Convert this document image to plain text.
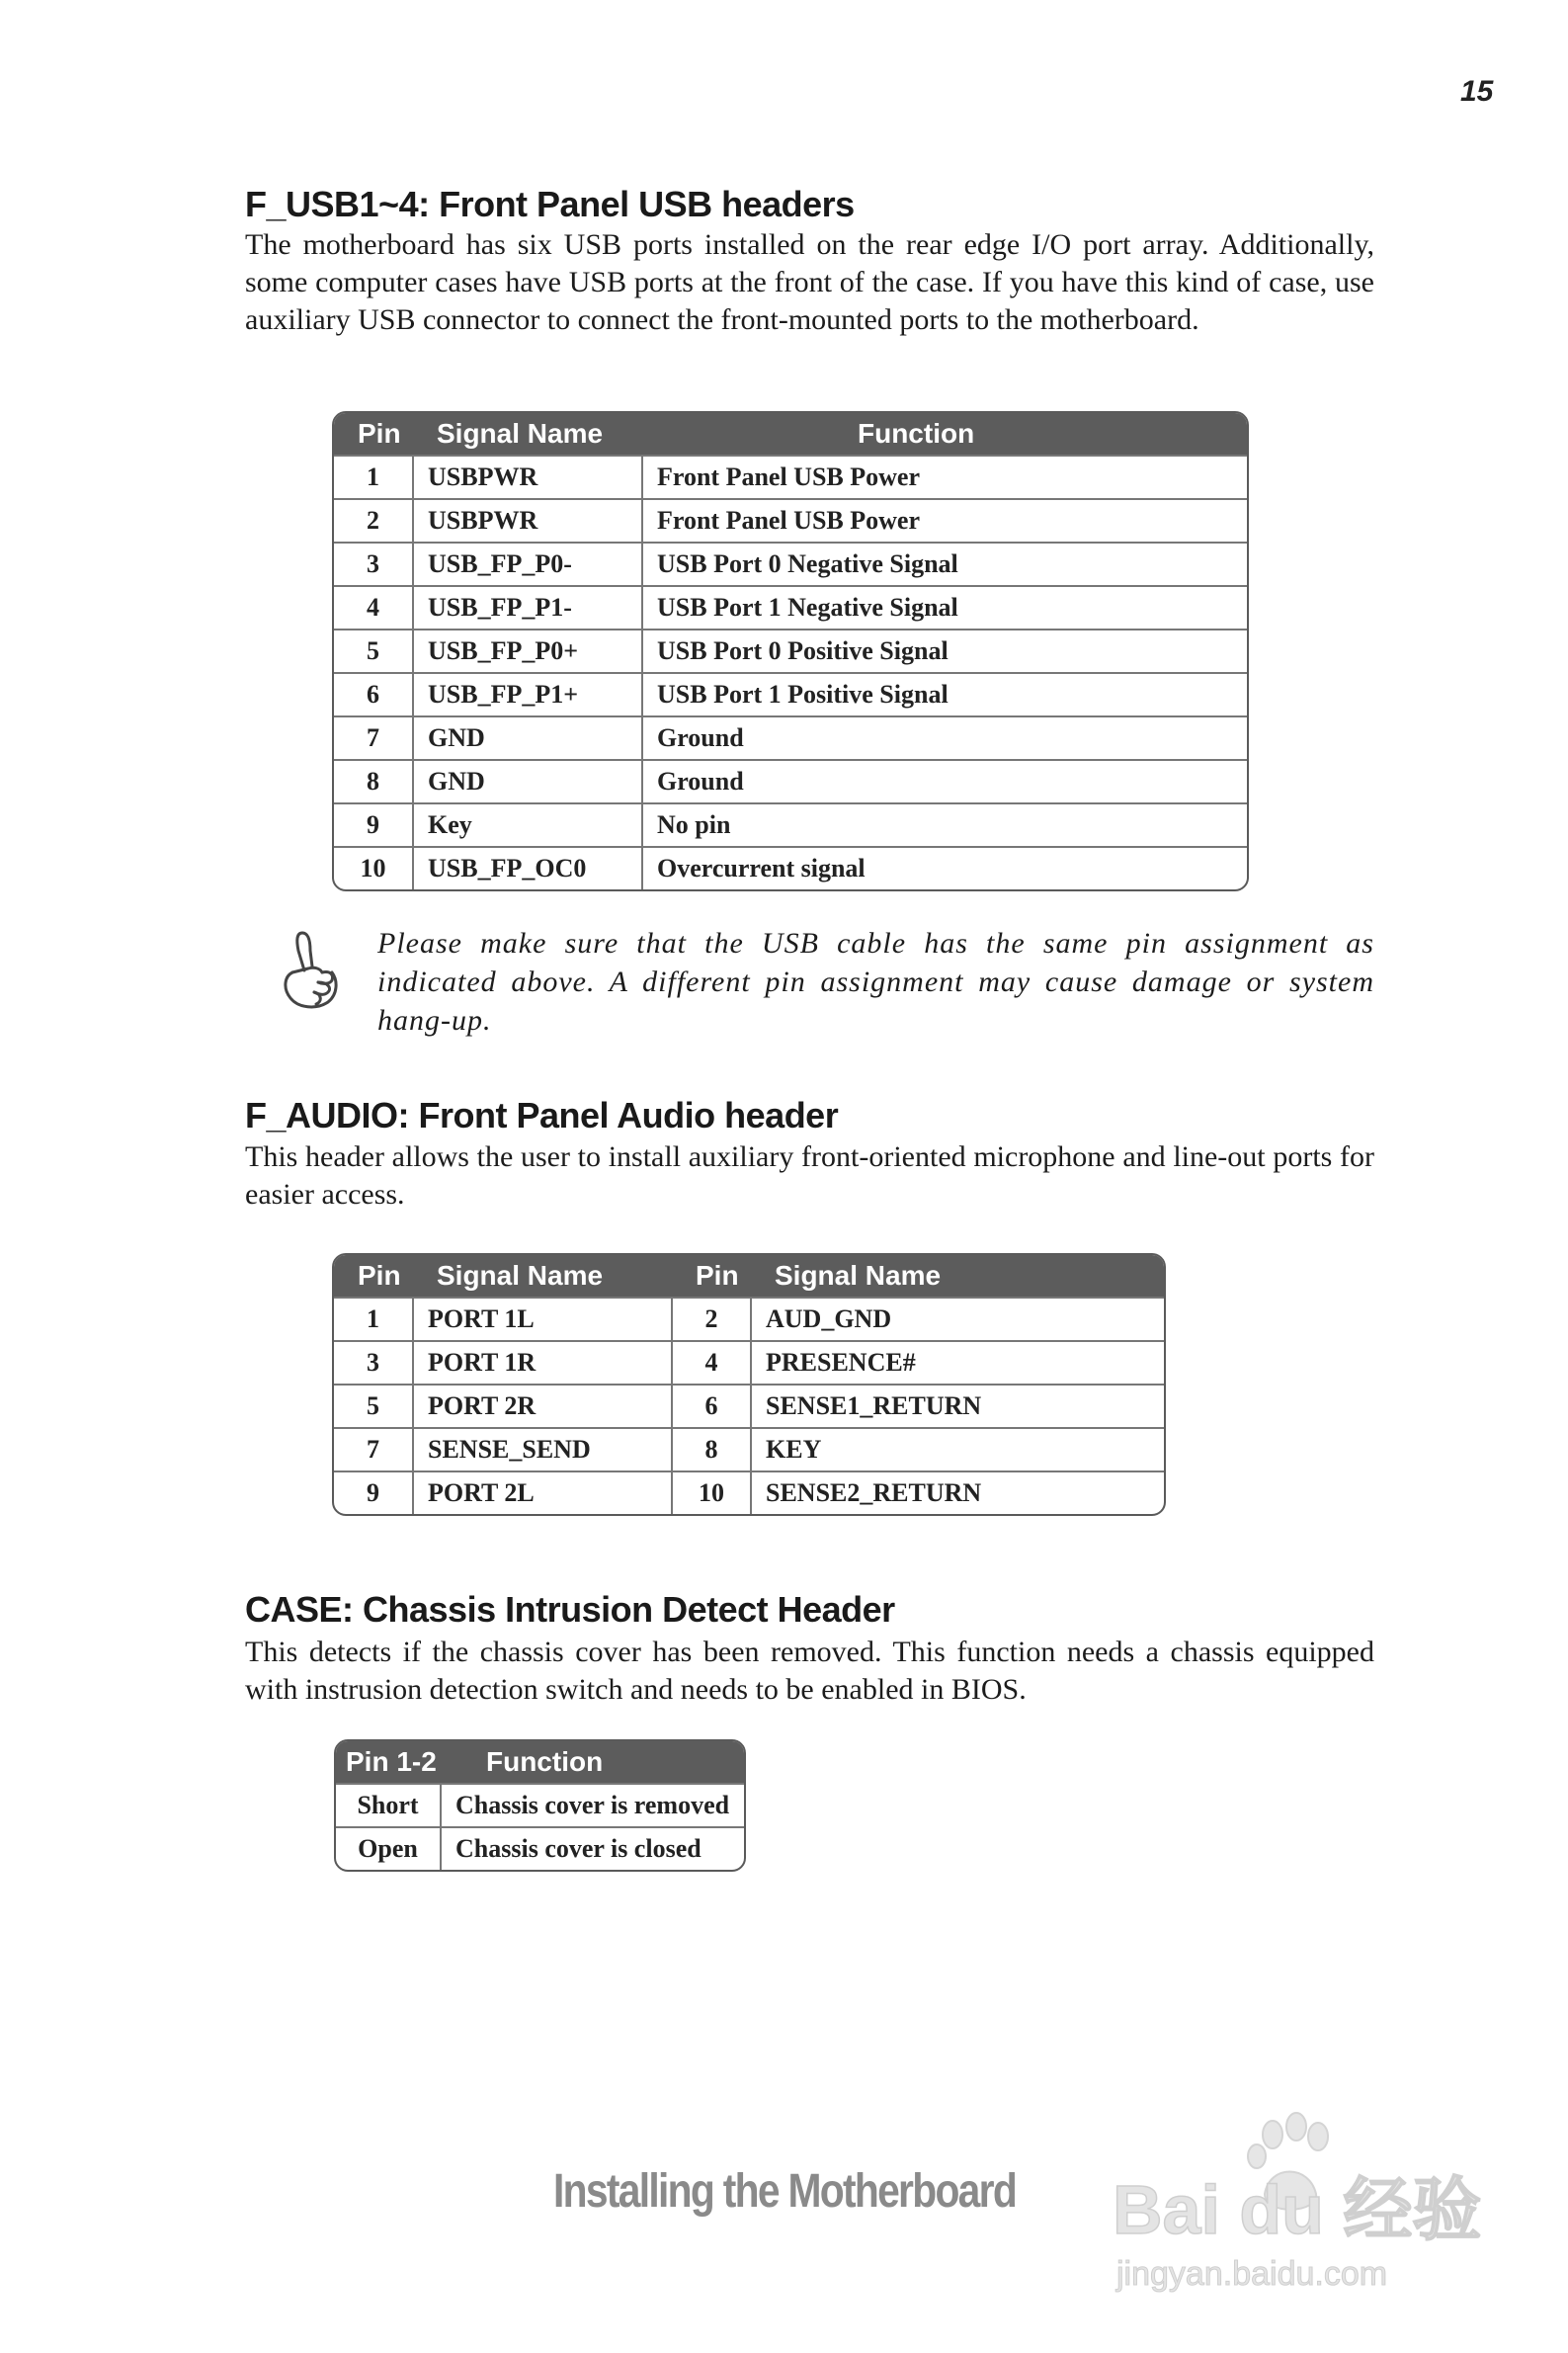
15
F_USB1~4: Front Panel USB headers

The motherboard has six USB ports installed on the rear edge I/O port array. Additionally, some computer cases have USB ports at the front of the case. If you have this kind of case, use auxiliary USB connector to connect the front-mounted ports to the motherboard.

Pin	Signal Name	Function
1	USBPWR	Front Panel USB Power
2	USBPWR	Front Panel USB Power
3	USB_FP_P0-	USB Port 0 Negative Signal
4	USB_FP_P1-	USB Port 1 Negative Signal
5	USB_FP_P0+	USB Port 0 Positive Signal
6	USB_FP_P1+	USB Port 1 Positive Signal
7	GND	Ground
8	GND	Ground
9	Key	No pin
10	USB_FP_OC0	Overcurrent signal

Please make sure that the USB cable has the same pin assignment as indicated above. A different pin assignment may cause damage or system hang-up.

F_AUDIO: Front Panel Audio header

This header allows the user to install auxiliary front-oriented microphone and line-out ports for easier access.

Pin	Signal Name	Pin	Signal Name
1	PORT 1L	2	AUD_GND
3	PORT 1R	4	PRESENCE#
5	PORT 2R	6	SENSE1_RETURN
7	SENSE_SEND	8	KEY
9	PORT 2L	10	SENSE2_RETURN
CASE: Chassis Intrusion Detect Header

This detects if the chassis cover has been removed. This function needs a chassis equipped with instrusion detection switch and needs to be enabled in BIOS.

Pin 1-2	Function
Short	Chassis cover is removed
Open	Chassis cover is closed
Installing the Motherboard Bai du 经验
jingyan.baidu.com
